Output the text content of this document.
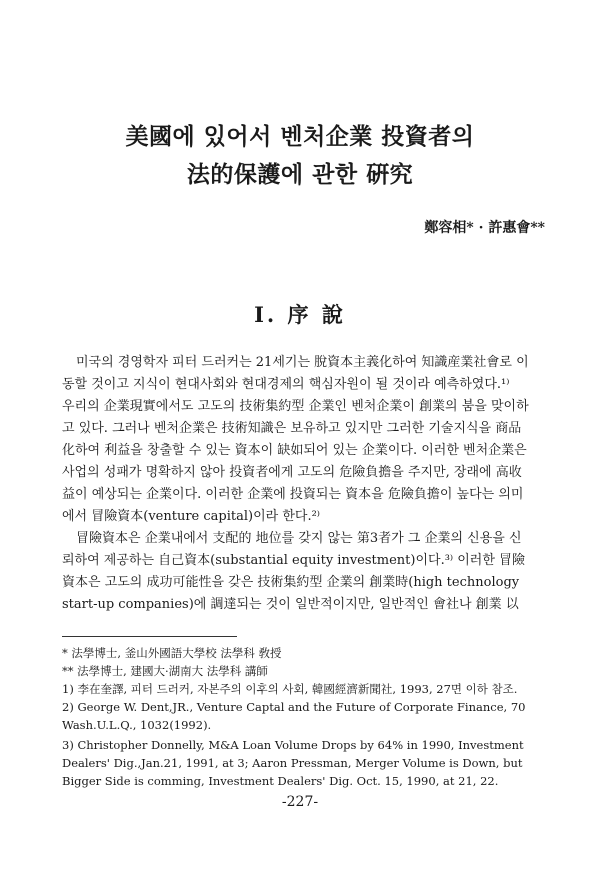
美國에 있어서 벤처企業 投資者의
法的保護에 관한 硏究
鄭容相* · 許惠會**
Ⅰ. 序 說
미국의 경영학자 피터 드러커는 21세기는 脫資本主義化하여 知識産業社會로 이
동할 것이고 지식이 현대사회와 현대경제의 핵심자원이 될 것이라 예측하였다.¹⁾
우리의 企業現實에서도 고도의 技術集約型 企業인 벤처企業이 創業의 붐을 맞이하
고 있다. 그러나 벤처企業은 技術知識은 보유하고 있지만 그러한 기술지식을 商品
化하여 利益을 창출할 수 있는 資本이 缺如되어 있는 企業이다. 이러한 벤처企業은
사업의 성패가 명확하지 않아 投資者에게 고도의 危險負擔을 주지만, 장래에 高收
益이 예상되는 企業이다. 이러한 企業에 投資되는 資本을 危險負擔이 높다는 의미
에서 冒險資本(venture capital)이라 한다.²⁾
冒險資本은 企業내에서 支配的 地位를 갖지 않는 第3者가 그 企業의 신용을 신
뢰하여 제공하는 自己資本(substantial equity investment)이다.³⁾ 이러한 冒險
資本은 고도의 成功可能性을 갖은 技術集約型 企業의 創業時(high technology
start-up companies)에 調達되는 것이 일반적이지만, 일반적인 會社나 創業 以
* 法學博士, 釜山外國語大學校 法學科 敎授
** 法學博士, 建國大·湖南大 法學科 講師
1) 李在奎譯, 피터 드러커, 자본주의 이후의 사회, 韓國經濟新聞社, 1993, 27면 이하 참조.
2) George W. Dent,JR., Venture Captal and the Future of Corporate Finance, 70
Wash.U.L.Q., 1032(1992).
3) Christopher Donnelly, M&A Loan Volume Drops by 64% in 1990, Investment
Dealers' Dig.,Jan.21, 1991, at 3; Aaron Pressman, Merger Volume is Down, but
Bigger Side is comming, Investment Dealers' Dig. Oct. 15, 1990, at 21, 22.
-227-
